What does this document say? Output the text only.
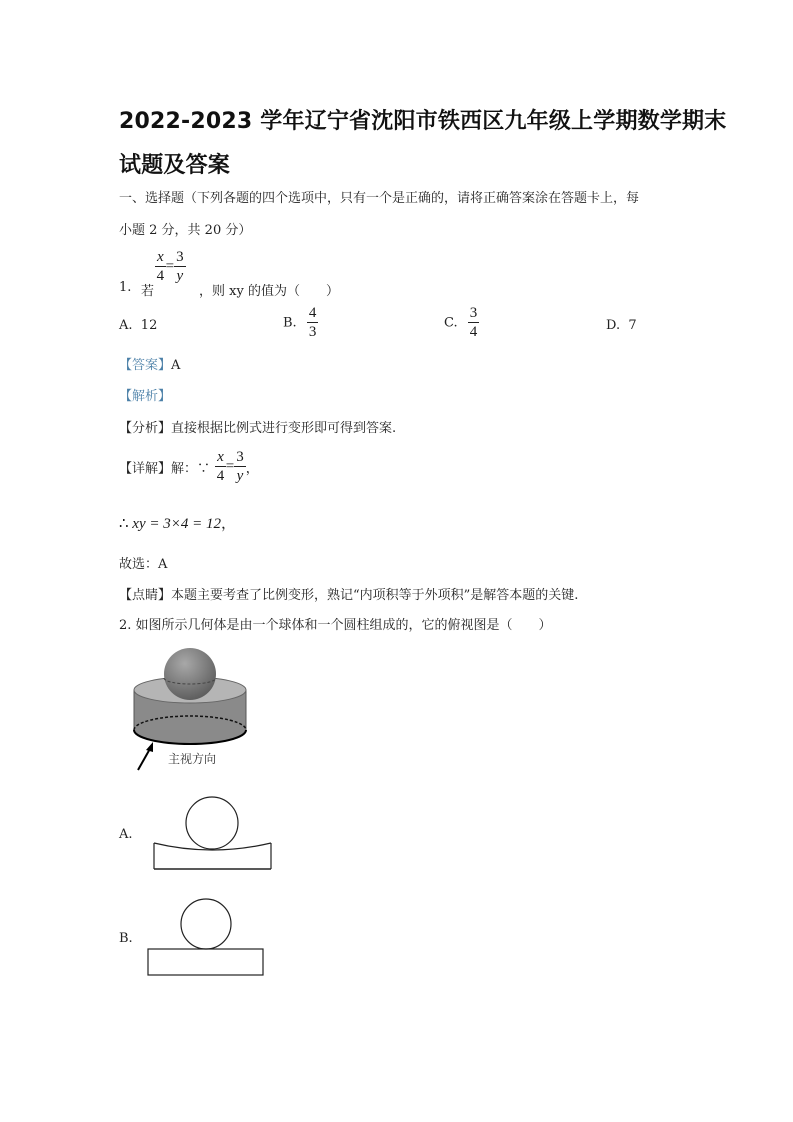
2022-2023 学年辽宁省沈阳市铁西区九年级上学期数学期末
试题及答案
一、选择题（下列各题的四个选项中，只有一个是正确的，请将正确答案涂在答题卡上，每
小题 2 分，共 20 分）
1. 若
$\frac{x}{4} = \frac{3}{y}$
，则 xy 的值为（　　）
A. 12	B. $\frac{4}{3}$	C. $\frac{3}{4}$	D. 7
【答案】A
【解析】
【分析】直接根据比例式进行变形即可得到答案.
【详解】解：∵ $\frac{x}{4} = \frac{3}{y}$ ，
∴ xy = 3×4 = 12，
故选：A
【点睛】本题主要考查了比例变形，熟记“内项积等于外项积”是解答本题的关键.
2. 如图所示几何体是由一个球体和一个圆柱组成的，它的俯视图是（　　）
主视方向
A.
B.
